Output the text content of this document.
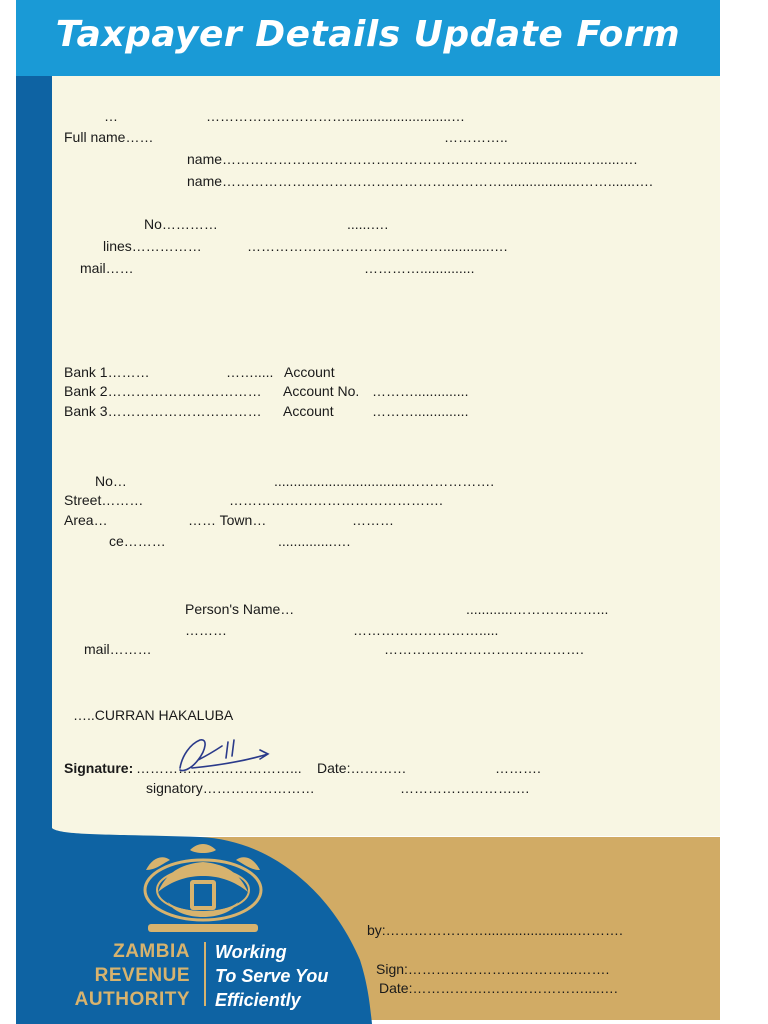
Taxpayer Details Update Form
…	…………………………...........................…
Full name……	…………..
name……………………………………………………….................…......….
name……………………………………………………....................…….......….
No…………	......….
lines……………	……………………………………............….
mail……	…………..............
Bank 1………	……..... Account
Bank 2…………………………… Account No. ………..............
Bank 3…………………………… Account	………..............
No…	..................................……………….
Street………	……………………………………….
Area…	…… Town…	………
ce………	..............….
Person's Name…	............………………...
………	……………………….....
mail………	…………………………………….
…..CURRAN HAKALUBA
Signature: ……………………………... Date:…………	……….
signatory……………………	…………………….…
ZAMBIA
REVENUE
AUTHORITY
Working
To Serve You
Efficiently
by:…………………........................……….
Sign:……………………………....…….
Date:…………….…………………....….
